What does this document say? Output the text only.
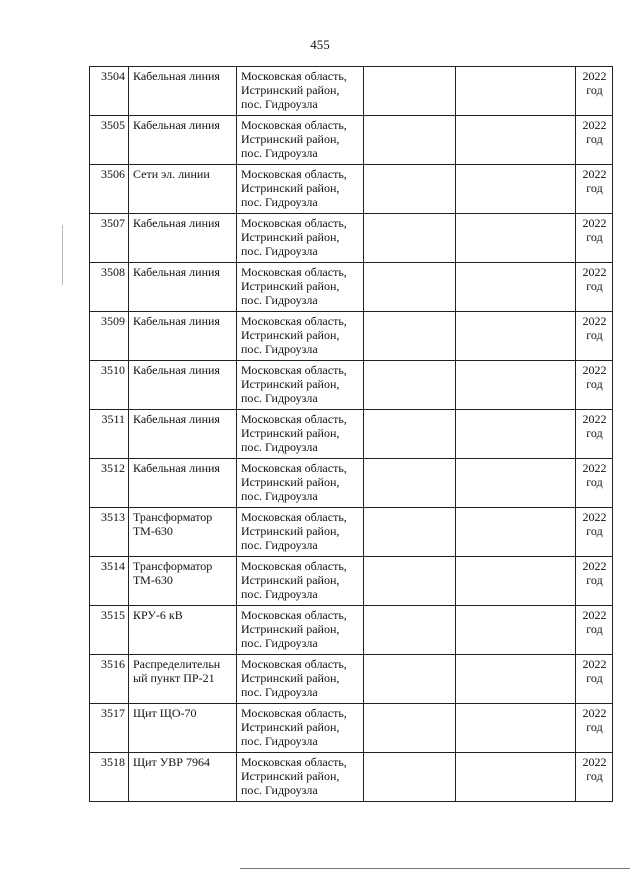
455
3504	Кабельная линия	Московская область,
Истринский район,
пос. Гидроузла			2022
год

3505	Кабельная линия	Московская область,
Истринский район,
пос. Гидроузла			2022
год

3506	Сети эл. линии	Московская область,
Истринский район,
пос. Гидроузла			2022
год

3507	Кабельная линия	Московская область,
Истринский район,
пос. Гидроузла			2022
год

3508	Кабельная линия	Московская область,
Истринский район,
пос. Гидроузла			2022
год

3509	Кабельная линия	Московская область,
Истринский район,
пос. Гидроузла			2022
год

3510	Кабельная линия	Московская область,
Истринский район,
пос. Гидроузла			2022
год

3511	Кабельная линия	Московская область,
Истринский район,
пос. Гидроузла			2022
год

3512	Кабельная линия	Московская область,
Истринский район,
пос. Гидроузла			2022
год

3513	Трансформатор
ТМ-630	Московская область,
Истринский район,
пос. Гидроузла			2022
год

3514	Трансформатор
ТМ-630	Московская область,
Истринский район,
пос. Гидроузла			2022
год

3515	КРУ-6 кВ	Московская область,
Истринский район,
пос. Гидроузла			2022
год

3516	Распределительн
ый пункт ПР-21	Московская область,
Истринский район,
пос. Гидроузла			2022
год

3517	Щит ЩО-70	Московская область,
Истринский район,
пос. Гидроузла			2022
год

3518	Щит УВР 7964	Московская область,
Истринский район,
пос. Гидроузла			2022
год
